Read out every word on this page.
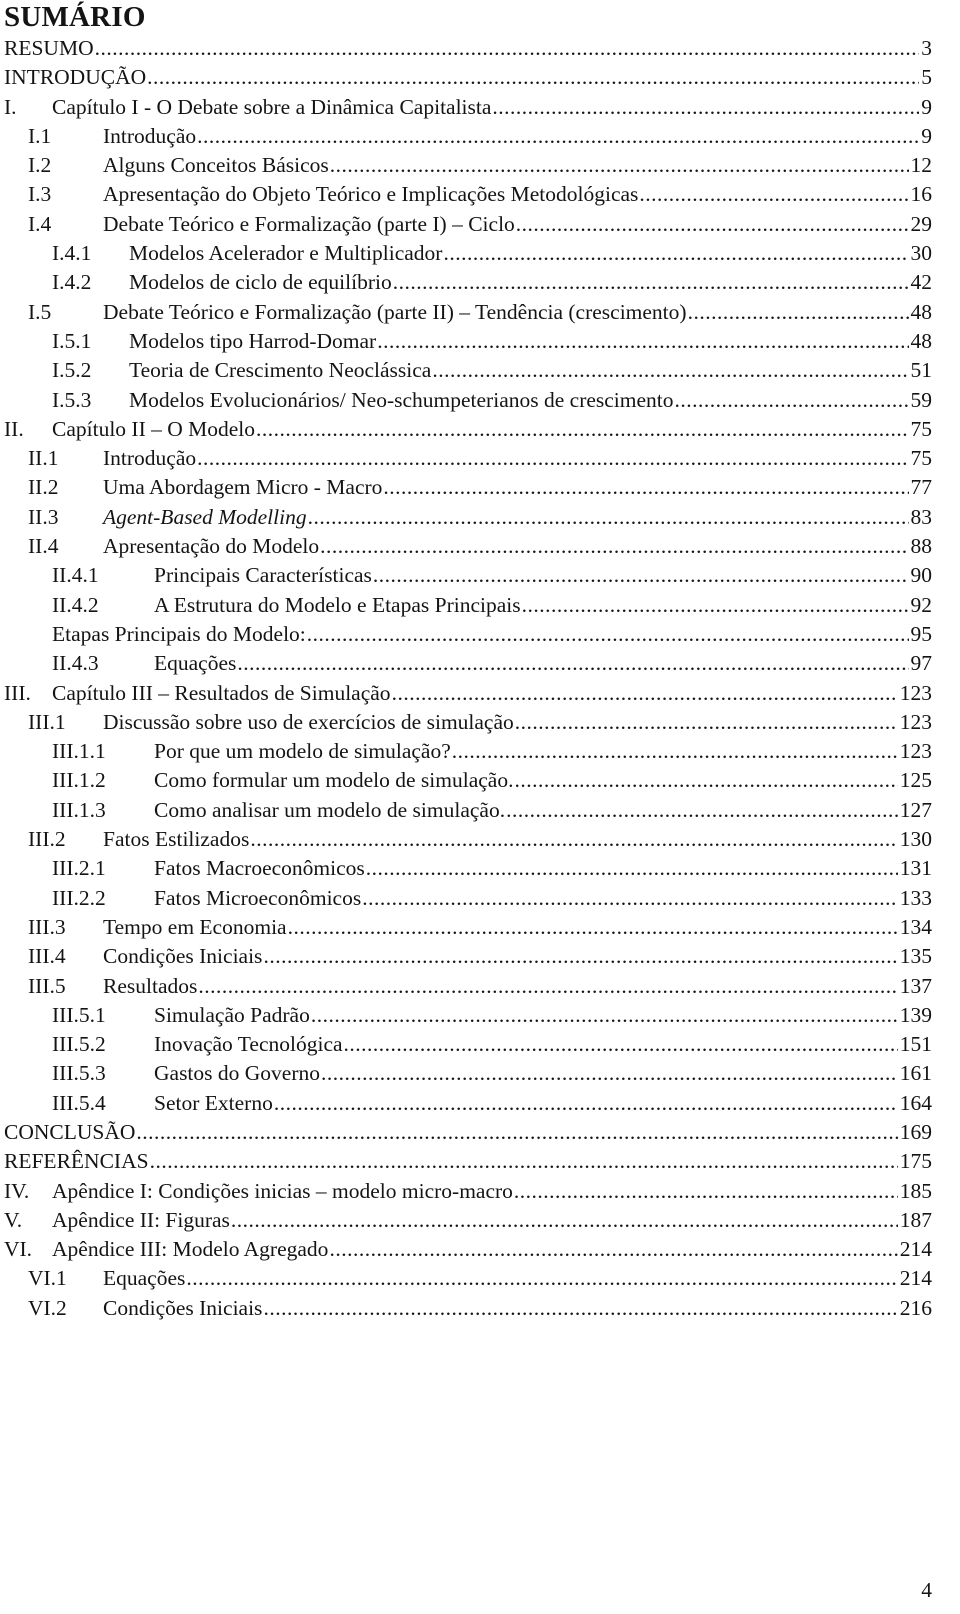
SUMÁRIO
RESUMO .....	3
INTRODUÇÃO .....	5
I.	Capítulo I - O Debate sobre a Dinâmica Capitalista .....	9
I.1	Introdução .....	9
I.2	Alguns Conceitos Básicos .....	12
I.3	Apresentação do Objeto Teórico e Implicações Metodológicas .....	16
I.4	Debate Teórico e Formalização (parte I) – Ciclo .....	29
I.4.1	Modelos Acelerador e Multiplicador .....	30
I.4.2	Modelos de ciclo de equilíbrio .....	42
I.5	Debate Teórico e Formalização (parte II) – Tendência (crescimento) .....	48
I.5.1	Modelos tipo Harrod-Domar .....	48
I.5.2	Teoria de Crescimento Neoclássica .....	51
I.5.3	Modelos Evolucionários/ Neo-schumpeterianos de crescimento .....	59
II.	Capítulo II – O Modelo .....	75
II.1	Introdução .....	75
II.2	Uma Abordagem Micro - Macro .....	77
II.3	Agent-Based Modelling .....	83
II.4	Apresentação do Modelo .....	88
II.4.1	Principais Características .....	90
II.4.2	A Estrutura do Modelo e Etapas Principais .....	92
Etapas Principais do Modelo: .....	95
II.4.3	Equações .....	97
III. Capítulo III – Resultados de Simulação .....	123
III.1	Discussão sobre uso de exercícios de simulação .....	123
III.1.1	Por que um modelo de simulação? .....	123
III.1.2	Como formular um modelo de simulação. .....	125
III.1.3	Como analisar um modelo de simulação. .....	127
III.2	Fatos Estilizados .....	130
III.2.1	Fatos Macroeconômicos .....	131
III.2.2	Fatos Microeconômicos .....	133
III.3	Tempo em Economia .....	134
III.4	Condições Iniciais .....	135
III.5	Resultados .....	137
III.5.1	Simulação Padrão .....	139
III.5.2	Inovação Tecnológica .....	151
III.5.3	Gastos do Governo .....	161
III.5.4	Setor Externo .....	164
CONCLUSÃO .....	169
REFERÊNCIAS .....	175
IV.	Apêndice I: Condições inicias – modelo micro-macro .....	185
V.	Apêndice II: Figuras .....	187
VI. Apêndice III: Modelo Agregado .....	214
VI.1	Equações .....	214
VI.2	Condições Iniciais .....	216
4
